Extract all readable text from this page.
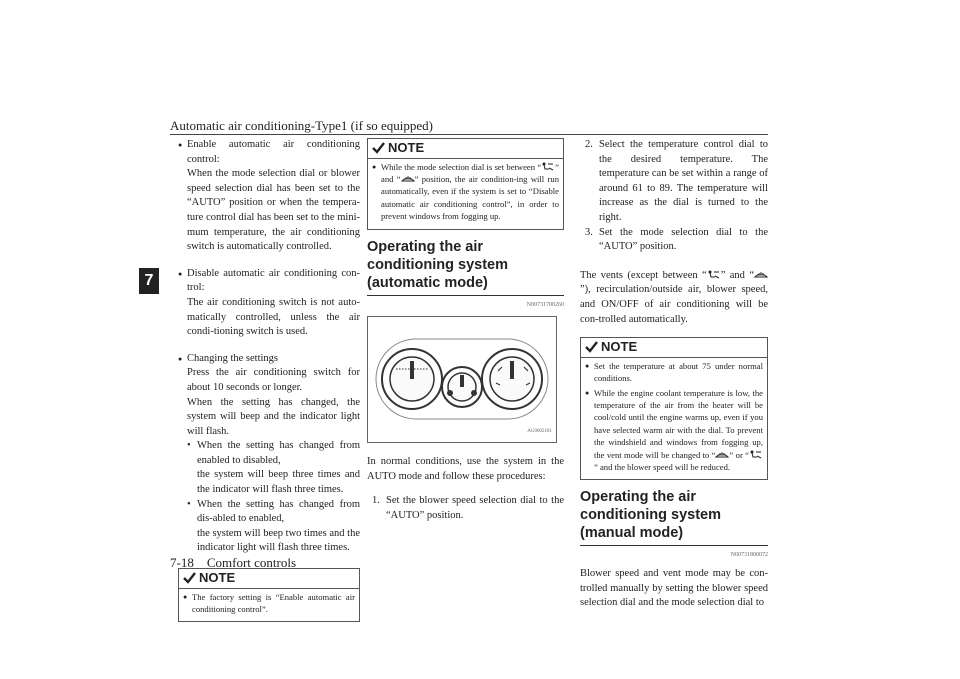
Automatic air conditioning-Type1 (if so equipped)
7
7-18 Comfort controls
● Enable automatic air conditioning control:
When the mode selection dial or blower speed selection dial has been set to the “AUTO” position or when the tempera-ture control dial has been set to the mini-mum temperature, the air conditioning switch is automatically controlled.
● Disable automatic air conditioning con-trol:
The air conditioning switch is not auto-matically controlled, unless the air condi-tioning switch is used.
● Changing the settings
Press the air conditioning switch for about 10 seconds or longer.
When the setting has changed, the system will beep and the indicator light will flash.
• When the setting has changed from enabled to disabled,
the system will beep three times and the indicator will flash three times.
• When the setting has changed from dis-abled to enabled,
the system will beep two times and the indicator light will flash three times.
NOTE
● The factory setting is “Enable automatic air conditioning control”.
NOTE
● While the mode selection dial is set between “ ” and “ ” position, the air condition-ing will run automatically, even if the system is set to “Disable automatic air conditioning control”, in order to prevent windows from fogging up.
Operating the air conditioning system (automatic mode)
N00731700260
AG0002181
In normal conditions, use the system in the AUTO mode and follow these procedures:
1. Set the blower speed selection dial to the “AUTO” position.
2. Select the temperature control dial to the desired temperature. The temperature can be set within a range of around 61 to 89. The temperature will increase as the dial is turned to the right.
3. Set the mode selection dial to the “AUTO” position.
The vents (except between “ ” and “”), recirculation/outside air, blower speed, and ON/OFF of air conditioning will be con-trolled automatically.
NOTE
● Set the temperature at about 75 under normal conditions.
● While the engine coolant temperature is low, the temperature of the air from the heater will be cool/cold until the engine warms up, even if you have selected warm air with the dial. To prevent the windshield and windows from fogging up, the vent mode will be changed to “ ” or “” and the blower speed will be reduced.
Operating the air conditioning system (manual mode)
N00731800072
Blower speed and vent mode may be con-trolled manually by setting the blower speed selection dial and the mode selection dial to
